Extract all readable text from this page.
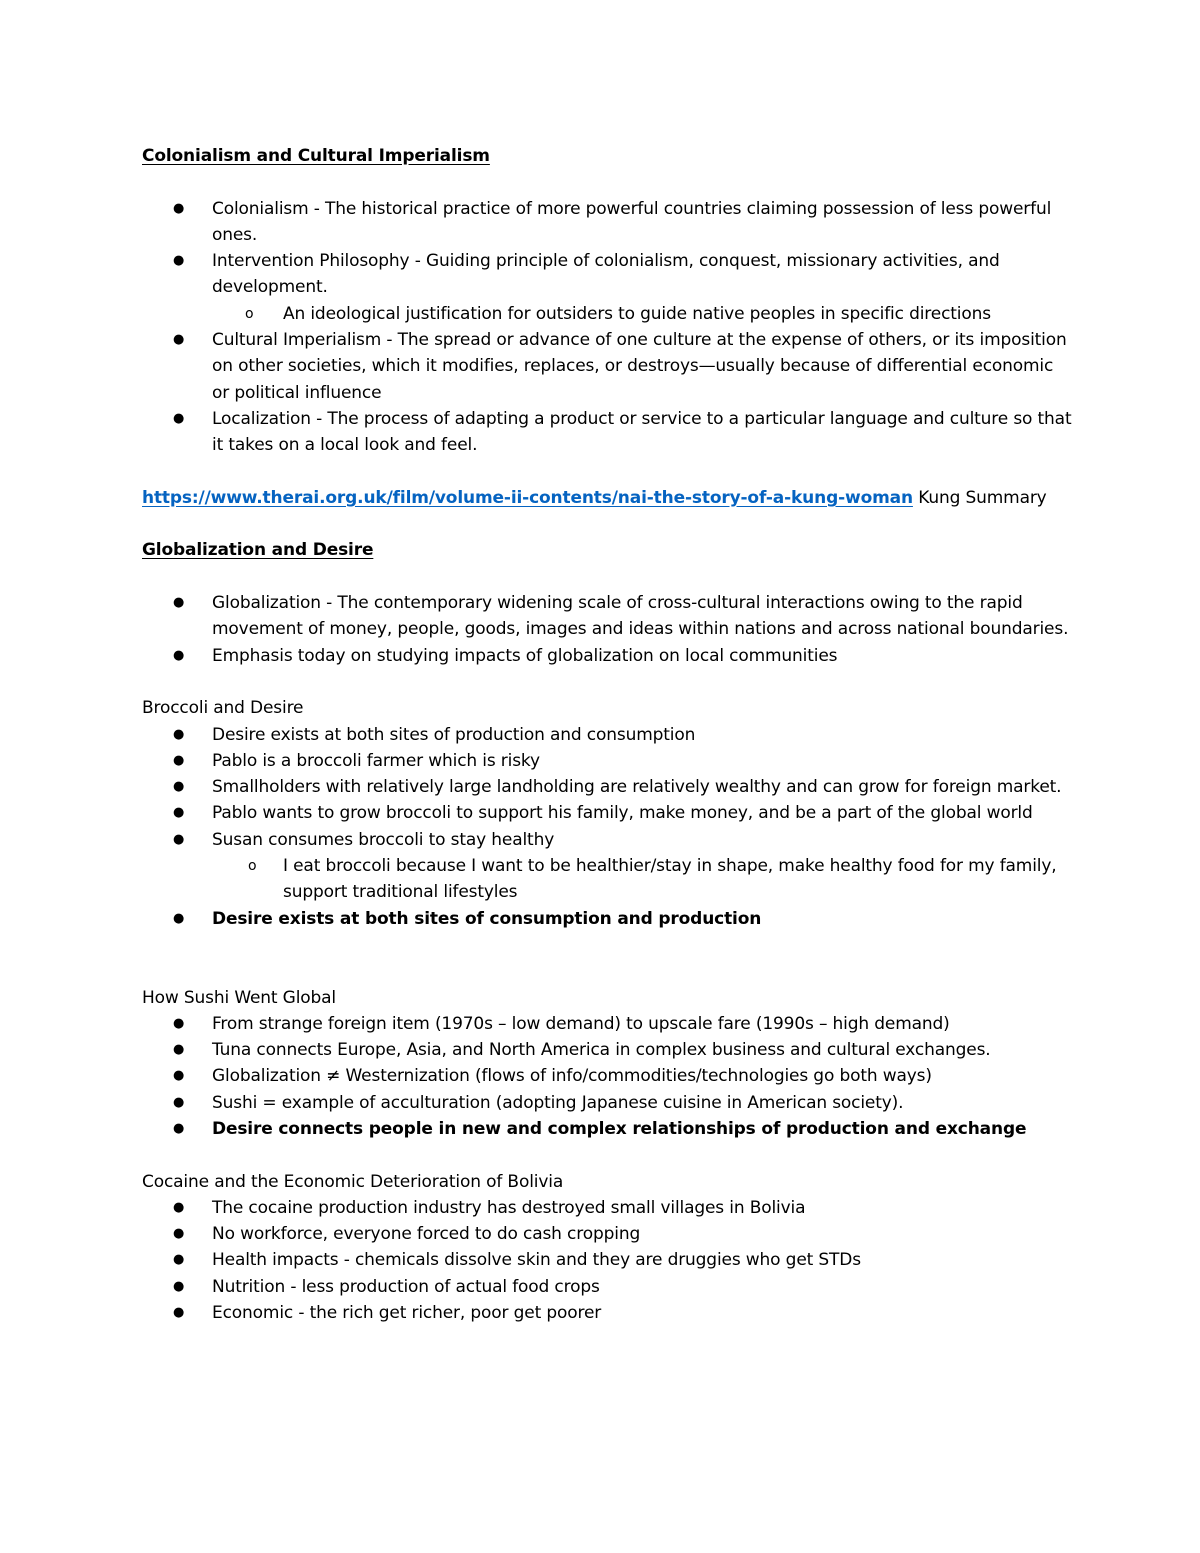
Colonialism and Cultural Imperialism
● Colonialism - The historical practice of more powerful countries claiming possession of less powerful ones.
● Intervention Philosophy - Guiding principle of colonialism, conquest, missionary activities, and development.
o An ideological justification for outsiders to guide native peoples in specific directions
● Cultural Imperialism - The spread or advance of one culture at the expense of others, or its imposition on other societies, which it modifies, replaces, or destroys—usually because of differential economic or political influence
● Localization - The process of adapting a product or service to a particular language and culture so that it takes on a local look and feel.
https://www.therai.org.uk/film/volume-ii-contents/nai-the-story-of-a-kung-woman Kung Summary
Globalization and Desire
● Globalization - The contemporary widening scale of cross-cultural interactions owing to the rapid movement of money, people, goods, images and ideas within nations and across national boundaries.
● Emphasis today on studying impacts of globalization on local communities
Broccoli and Desire
● Desire exists at both sites of production and consumption
● Pablo is a broccoli farmer which is risky
● Smallholders with relatively large landholding are relatively wealthy and can grow for foreign market.
● Pablo wants to grow broccoli to support his family, make money, and be a part of the global world
● Susan consumes broccoli to stay healthy
o I eat broccoli because I want to be healthier/stay in shape, make healthy food for my family, support traditional lifestyles
● Desire exists at both sites of consumption and production
How Sushi Went Global
● From strange foreign item (1970s – low demand) to upscale fare (1990s – high demand)
● Tuna connects Europe, Asia, and North America in complex business and cultural exchanges.
● Globalization ≠ Westernization (flows of info/commodities/technologies go both ways)
● Sushi = example of acculturation (adopting Japanese cuisine in American society).
● Desire connects people in new and complex relationships of production and exchange
Cocaine and the Economic Deterioration of Bolivia
● The cocaine production industry has destroyed small villages in Bolivia
● No workforce, everyone forced to do cash cropping
● Health impacts - chemicals dissolve skin and they are druggies who get STDs
● Nutrition - less production of actual food crops
● Economic - the rich get richer, poor get poorer
